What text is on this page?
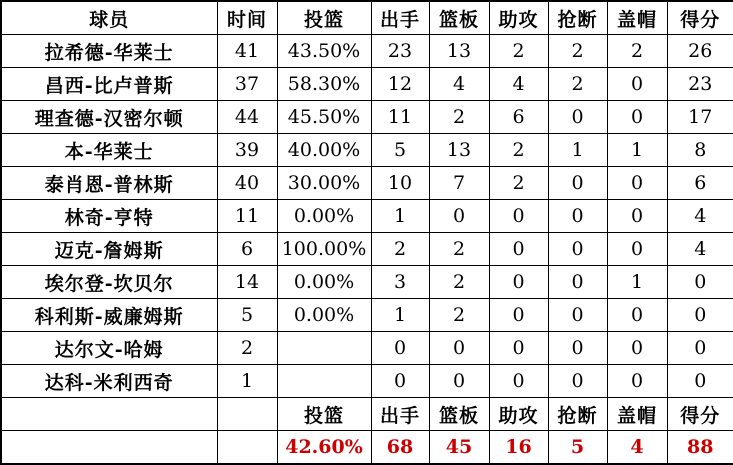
球员	时间	投篮	出手	篮板	助攻	抢断	盖帽	得分
拉希德-华莱士	41	43.50%	23	13	2	2	2	26
昌西-比卢普斯	37	58.30%	12	4	4	2	0	23
理查德-汉密尔顿	44	45.50%	11	2	6	0	0	17
本-华莱士	39	40.00%	5	13	2	1	1	8
泰肖恩-普林斯	40	30.00%	10	7	2	0	0	6
林奇-亨特	11	0.00%	1	0	0	0	0	4
迈克-詹姆斯	6	100.00%	2	2	0	0	0	4
埃尔登-坎贝尔	14	0.00%	3	2	0	0	1	0
科利斯-威廉姆斯	5	0.00%	1	2	0	0	0	0
达尔文-哈姆	2		0	0	0	0	0	0
达科-米利西奇	1		0	0	0	0	0	0
		投篮	出手	篮板	助攻	抢断	盖帽	得分
		42.60%	68	45	16	5	4	88
